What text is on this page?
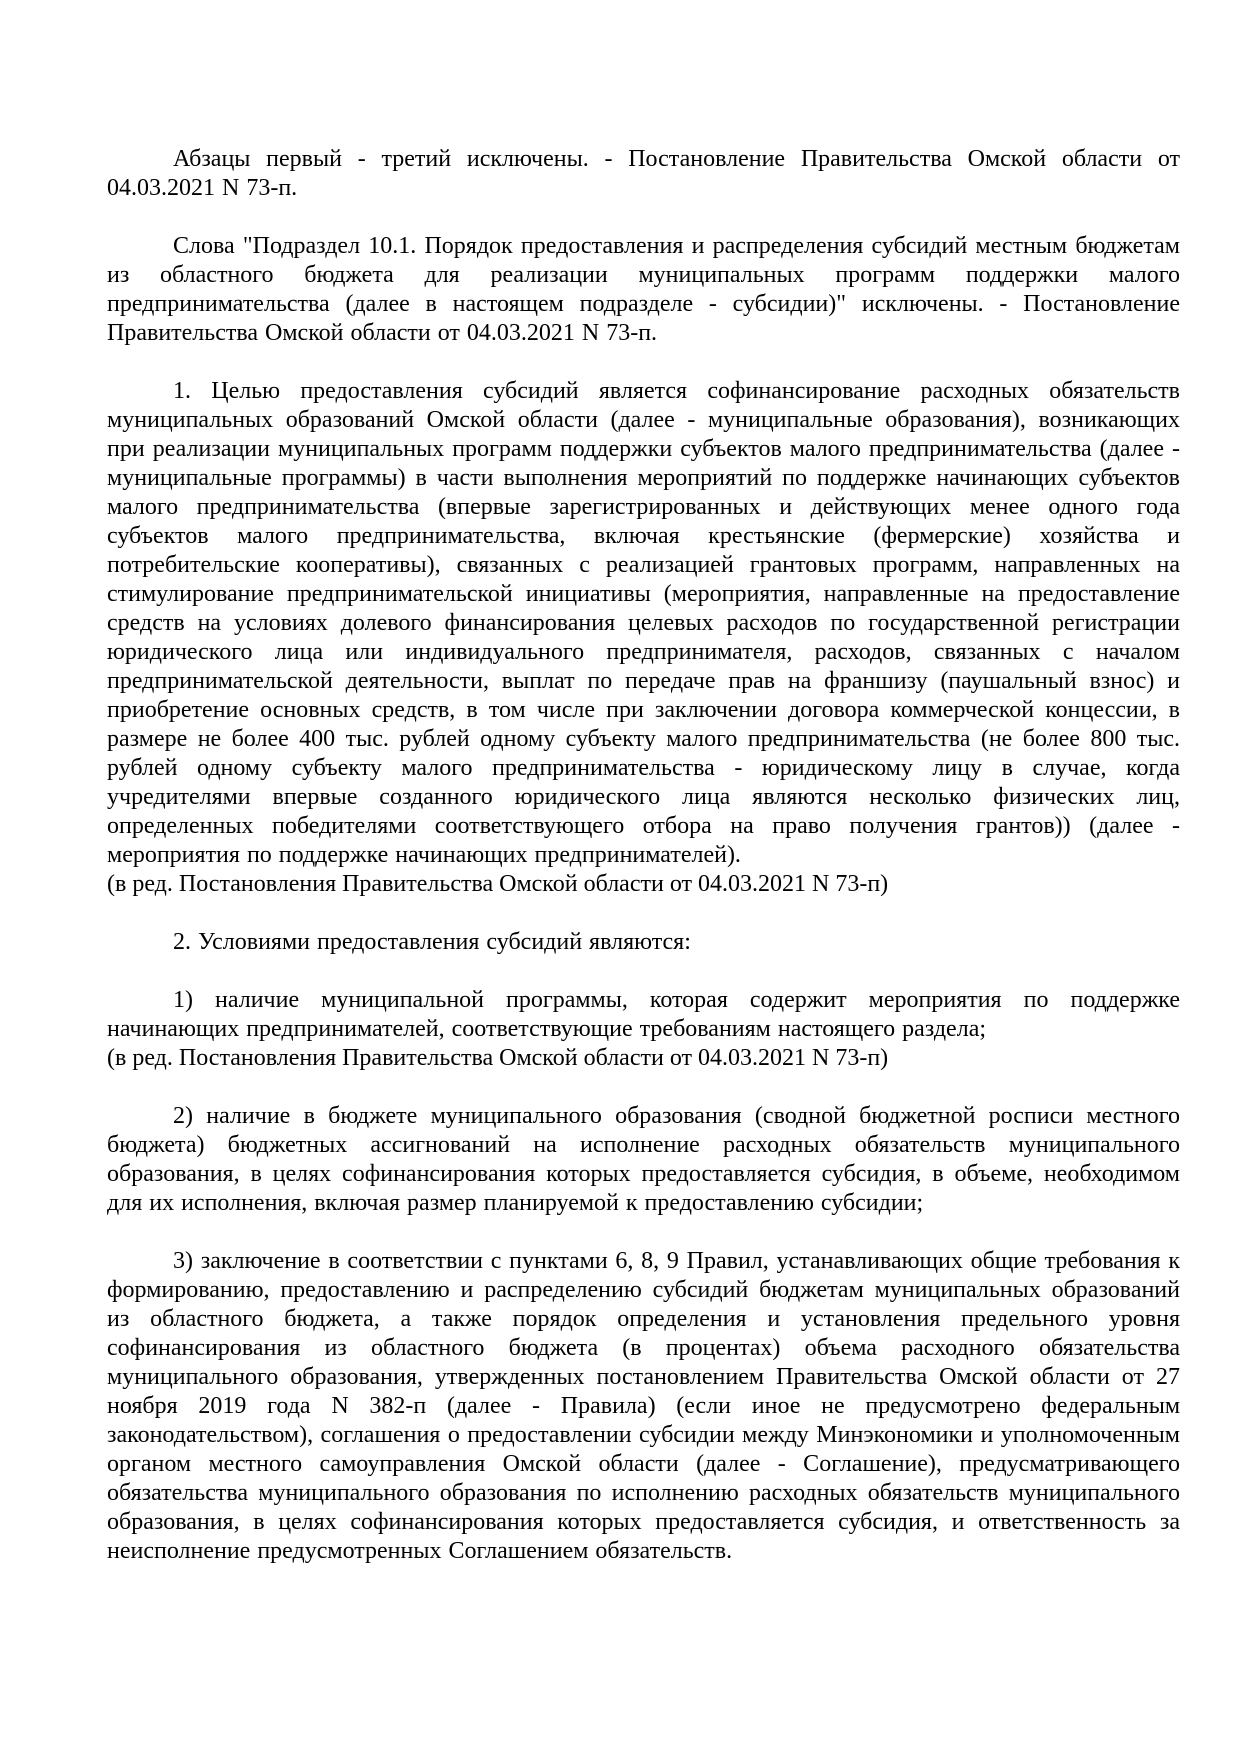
Абзацы первый - третий исключены. - Постановление Правительства Омской области от 04.03.2021 N 73-п.

Слова "Подраздел 10.1. Порядок предоставления и распределения субсидий местным бюджетам из областного бюджета для реализации муниципальных программ поддержки малого предпринимательства (далее в настоящем подразделе - субсидии)" исключены. - Постановление Правительства Омской области от 04.03.2021 N 73-п.

1. Целью предоставления субсидий является софинансирование расходных обязательств муниципальных образований Омской области (далее - муниципальные образования), возникающих при реализации муниципальных программ поддержки субъектов малого предпринимательства (далее - муниципальные программы) в части выполнения мероприятий по поддержке начинающих субъектов малого предпринимательства (впервые зарегистрированных и действующих менее одного года субъектов малого предпринимательства, включая крестьянские (фермерские) хозяйства и потребительские кооперативы), связанных с реализацией грантовых программ, направленных на стимулирование предпринимательской инициативы (мероприятия, направленные на предоставление средств на условиях долевого финансирования целевых расходов по государственной регистрации юридического лица или индивидуального предпринимателя, расходов, связанных с началом предпринимательской деятельности, выплат по передаче прав на франшизу (паушальный взнос) и приобретение основных средств, в том числе при заключении договора коммерческой концессии, в размере не более 400 тыс. рублей одному субъекту малого предпринимательства (не более 800 тыс. рублей одному субъекту малого предпринимательства - юридическому лицу в случае, когда учредителями впервые созданного юридического лица являются несколько физических лиц, определенных победителями соответствующего отбора на право получения грантов)) (далее - мероприятия по поддержке начинающих предпринимателей).

(в ред. Постановления Правительства Омской области от 04.03.2021 N 73-п)

2. Условиями предоставления субсидий являются:

1) наличие муниципальной программы, которая содержит мероприятия по поддержке начинающих предпринимателей, соответствующие требованиям настоящего раздела;

(в ред. Постановления Правительства Омской области от 04.03.2021 N 73-п)

2) наличие в бюджете муниципального образования (сводной бюджетной росписи местного бюджета) бюджетных ассигнований на исполнение расходных обязательств муниципального образования, в целях софинансирования которых предоставляется субсидия, в объеме, необходимом для их исполнения, включая размер планируемой к предоставлению субсидии;

3) заключение в соответствии с пунктами 6, 8, 9 Правил, устанавливающих общие требования к формированию, предоставлению и распределению субсидий бюджетам муниципальных образований из областного бюджета, а также порядок определения и установления предельного уровня софинансирования из областного бюджета (в процентах) объема расходного обязательства муниципального образования, утвержденных постановлением Правительства Омской области от 27 ноября 2019 года N 382-п (далее - Правила) (если иное не предусмотрено федеральным законодательством), соглашения о предоставлении субсидии между Минэкономики и уполномоченным органом местного самоуправления Омской области (далее - Соглашение), предусматривающего обязательства муниципального образования по исполнению расходных обязательств муниципального образования, в целях софинансирования которых предоставляется субсидия, и ответственность за неисполнение предусмотренных Соглашением обязательств.
